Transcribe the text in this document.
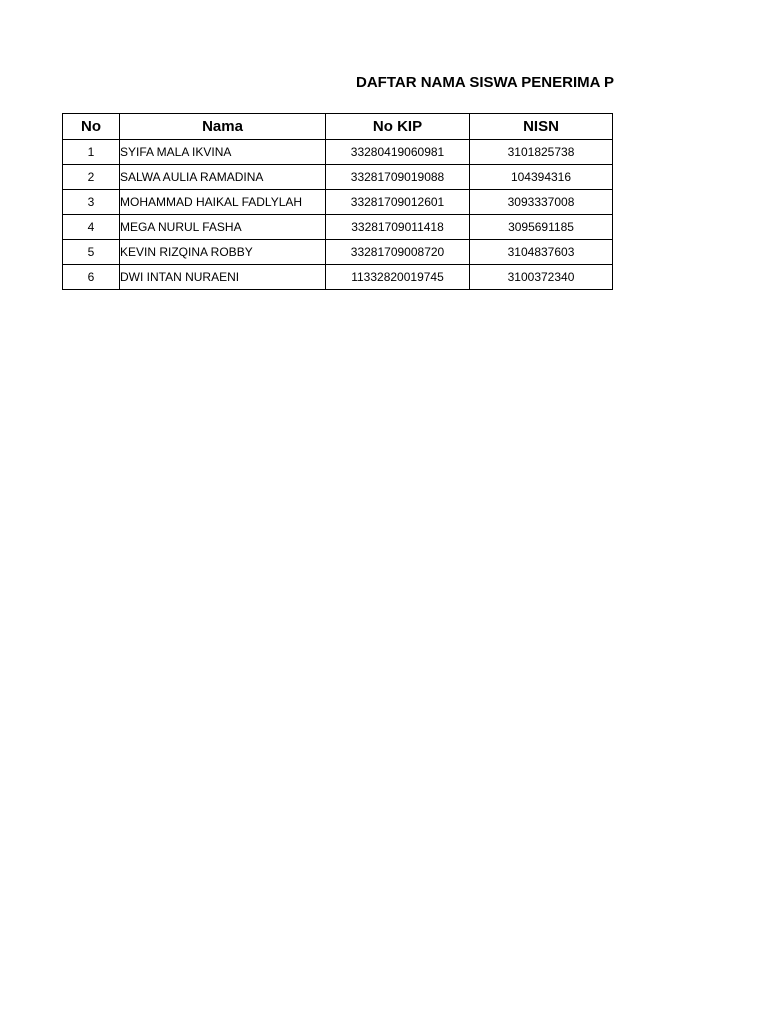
DAFTAR NAMA SISWA PENERIMA P
No	Nama	No KIP	NISN
1	SYIFA MALA IKVINA	33280419060981	3101825738
2	SALWA AULIA RAMADINA	33281709019088	104394316
3	MOHAMMAD HAIKAL FADLYLAH	33281709012601	3093337008
4	MEGA NURUL FASHA	33281709011418	3095691185
5	KEVIN RIZQINA ROBBY	33281709008720	3104837603
6	DWI INTAN NURAENI	11332820019745	3100372340
